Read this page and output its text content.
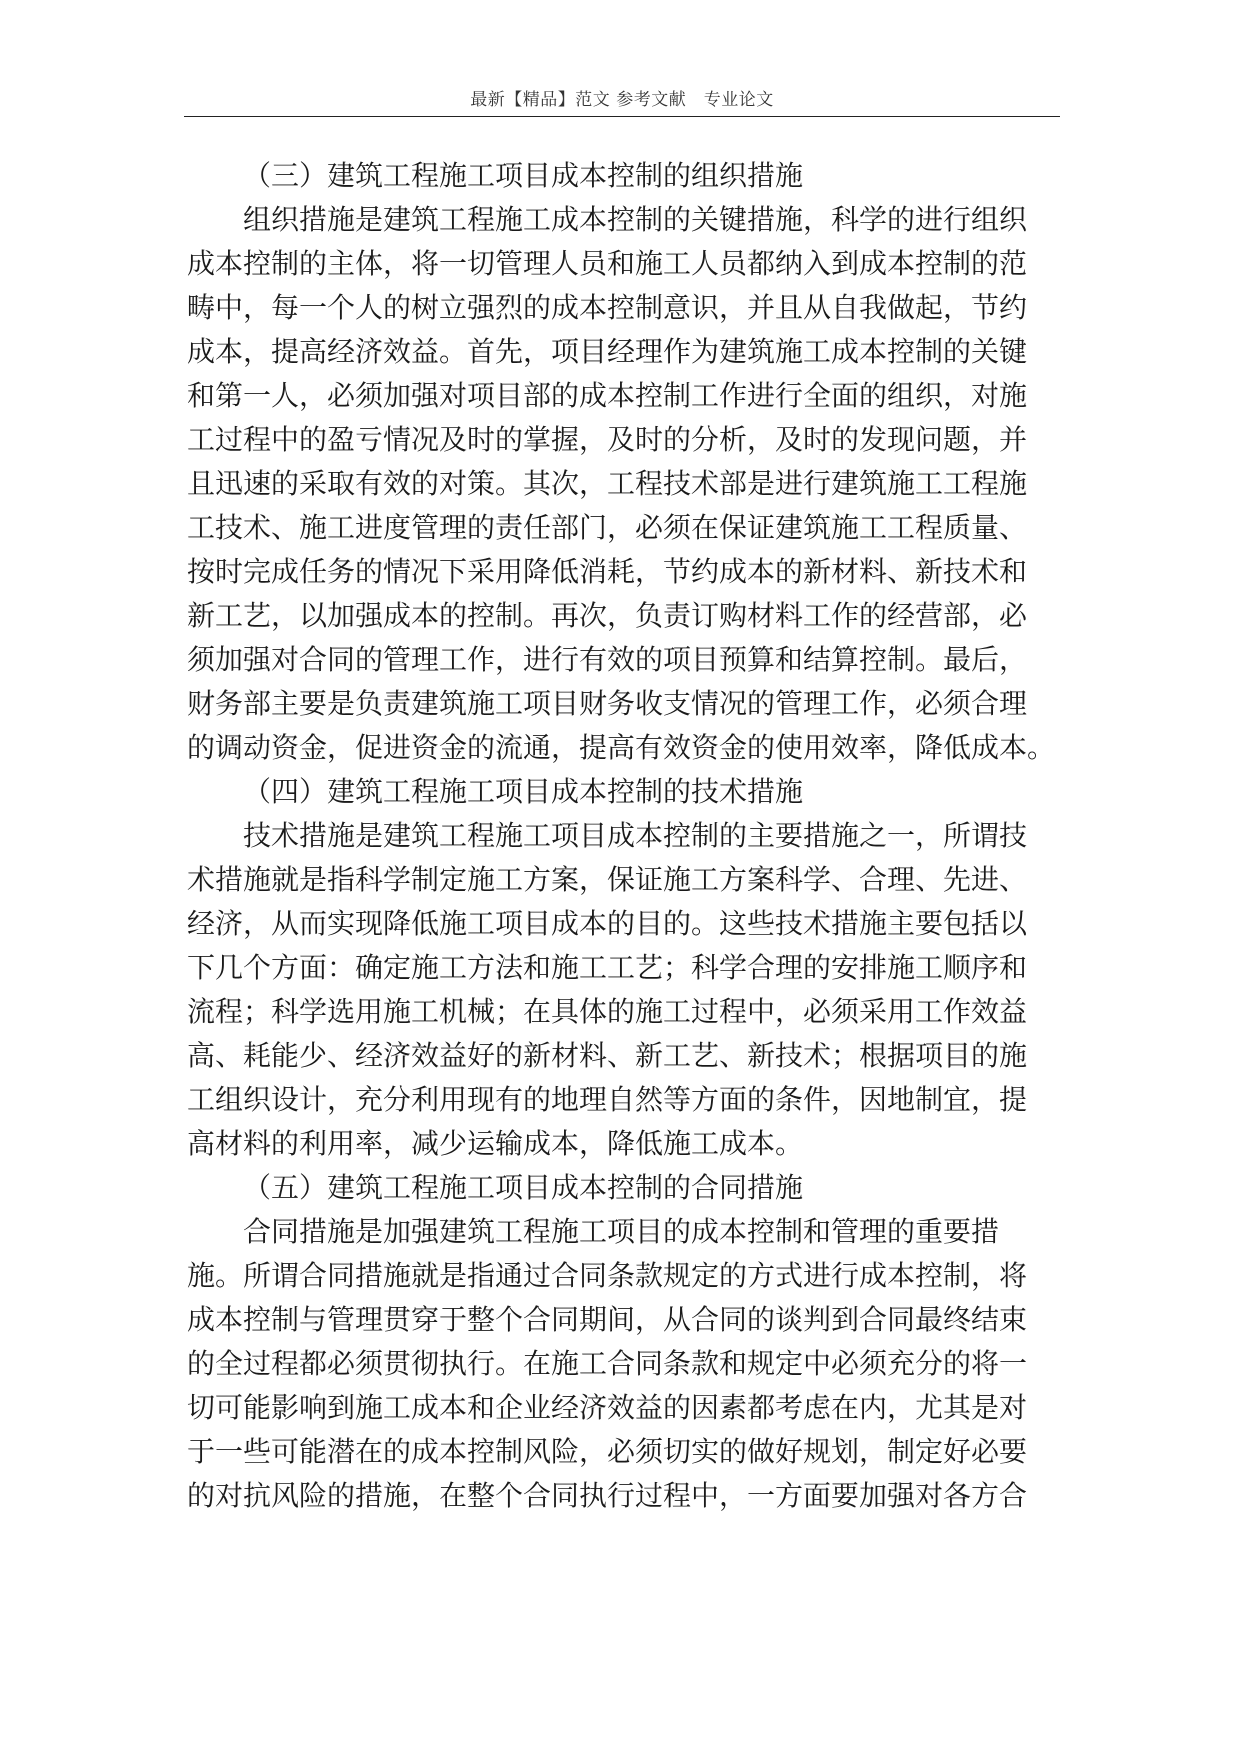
最新【精品】范文 参考文献　专业论文
（三）建筑工程施工项目成本控制的组织措施
组织措施是建筑工程施工成本控制的关键措施，科学的进行组织
成本控制的主体，将一切管理人员和施工人员都纳入到成本控制的范
畴中，每一个人的树立强烈的成本控制意识，并且从自我做起，节约
成本，提高经济效益。首先，项目经理作为建筑施工成本控制的关键
和第一人，必须加强对项目部的成本控制工作进行全面的组织，对施
工过程中的盈亏情况及时的掌握，及时的分析，及时的发现问题，并
且迅速的采取有效的对策。其次，工程技术部是进行建筑施工工程施
工技术、施工进度管理的责任部门，必须在保证建筑施工工程质量、
按时完成任务的情况下采用降低消耗，节约成本的新材料、新技术和
新工艺，以加强成本的控制。再次，负责订购材料工作的经营部，必
须加强对合同的管理工作，进行有效的项目预算和结算控制。最后，
财务部主要是负责建筑施工项目财务收支情况的管理工作，必须合理
的调动资金，促进资金的流通，提高有效资金的使用效率，降低成本。
（四）建筑工程施工项目成本控制的技术措施
技术措施是建筑工程施工项目成本控制的主要措施之一，所谓技
术措施就是指科学制定施工方案，保证施工方案科学、合理、先进、
经济，从而实现降低施工项目成本的目的。这些技术措施主要包括以
下几个方面：确定施工方法和施工工艺；科学合理的安排施工顺序和
流程；科学选用施工机械；在具体的施工过程中，必须采用工作效益
高、耗能少、经济效益好的新材料、新工艺、新技术；根据项目的施
工组织设计，充分利用现有的地理自然等方面的条件，因地制宜，提
高材料的利用率，减少运输成本，降低施工成本。
（五）建筑工程施工项目成本控制的合同措施
合同措施是加强建筑工程施工项目的成本控制和管理的重要措
施。所谓合同措施就是指通过合同条款规定的方式进行成本控制，将
成本控制与管理贯穿于整个合同期间，从合同的谈判到合同最终结束
的全过程都必须贯彻执行。在施工合同条款和规定中必须充分的将一
切可能影响到施工成本和企业经济效益的因素都考虑在内，尤其是对
于一些可能潜在的成本控制风险，必须切实的做好规划，制定好必要
的对抗风险的措施，在整个合同执行过程中，一方面要加强对各方合
